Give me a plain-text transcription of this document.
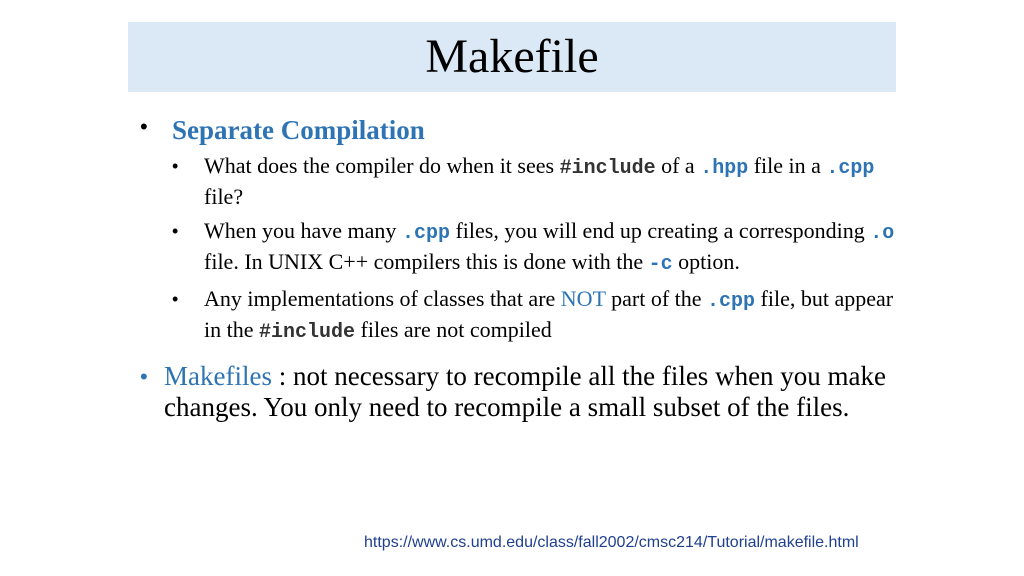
Makefile
• Separate Compilation
• What does the compiler do when it sees #include of a .hpp file in a .cpp file?
• When you have many .cpp files, you will end up creating a corresponding .o file. In UNIX C++ compilers this is done with the -c option.
• Any implementations of classes that are NOT part of the .cpp file, but appear in the #include files are not compiled
• Makefiles : not necessary to recompile all the files when you make changes. You only need to recompile a small subset of the files.
https://www.cs.umd.edu/class/fall2002/cmsc214/Tutorial/makefile.html
